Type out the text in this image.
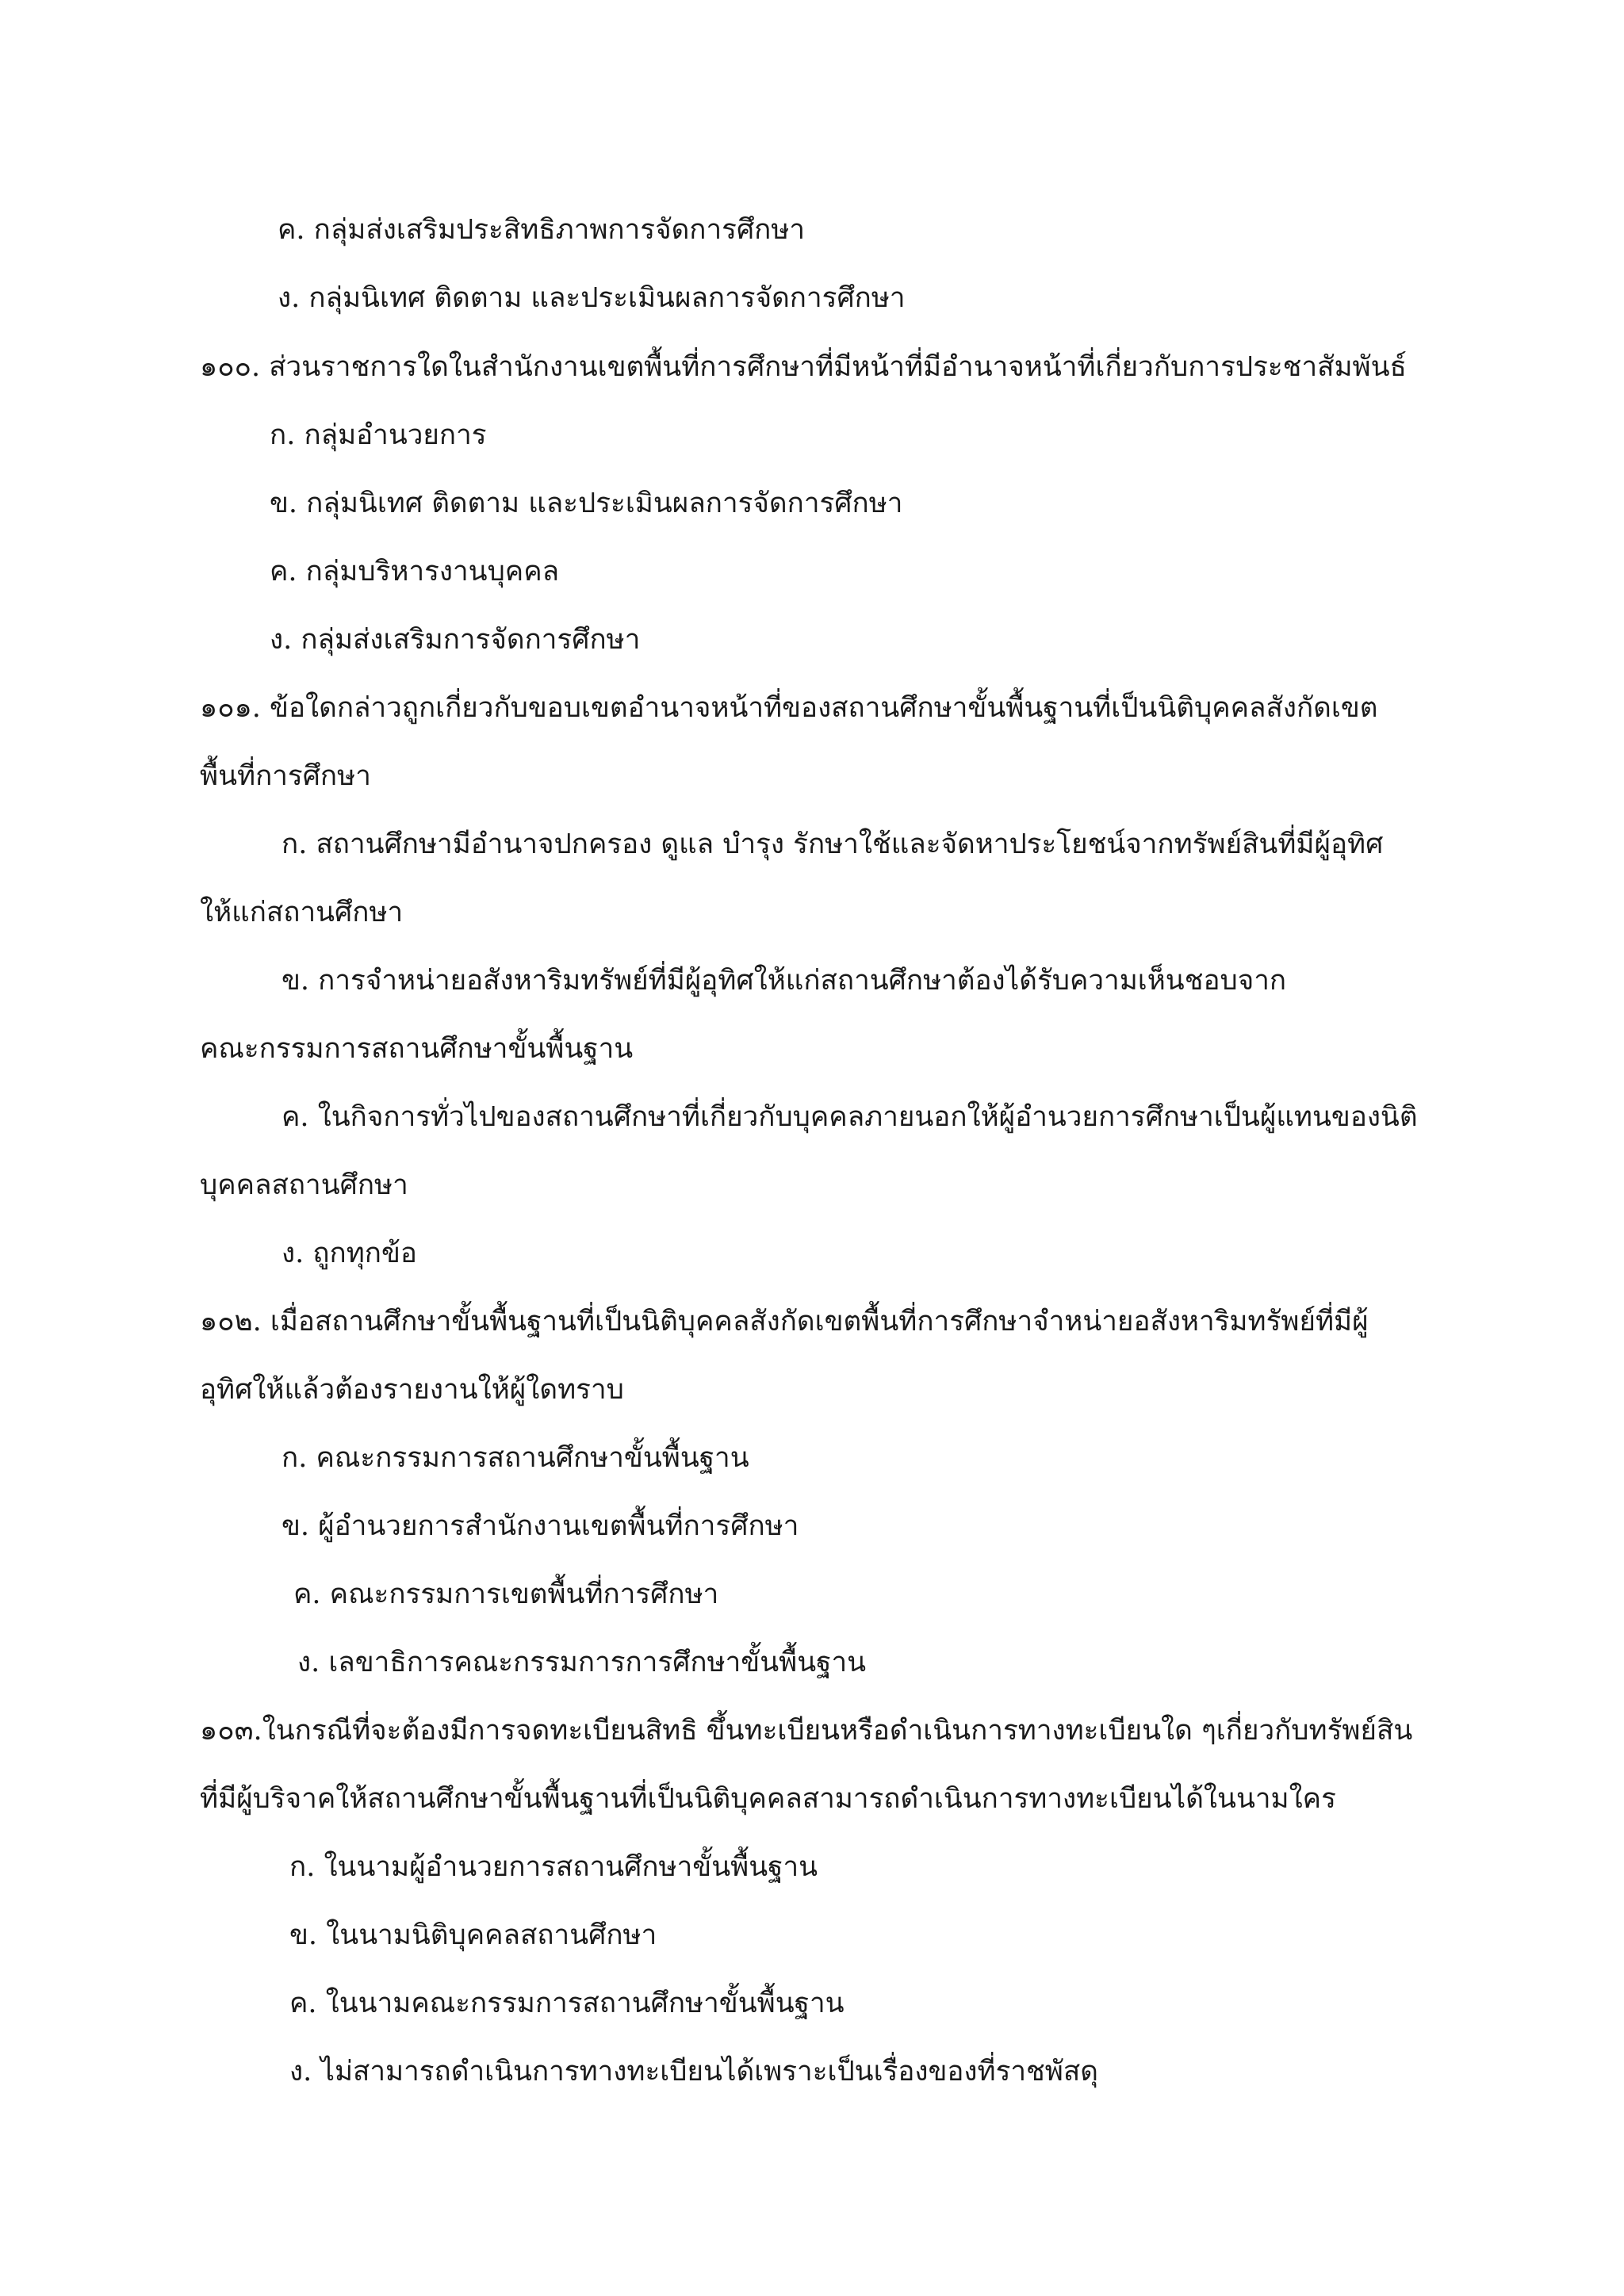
ค. กลุ่มส่งเสริมประสิทธิภาพการจัดการศึกษา
ง. กลุ่มนิเทศ ติดตาม และประเมินผลการจัดการศึกษา
๑๐๐. ส่วนราชการใดในสำนักงานเขตพื้นที่การศึกษาที่มีหน้าที่มีอำนาจหน้าที่เกี่ยวกับการประชาสัมพันธ์
ก. กลุ่มอำนวยการ
ข. กลุ่มนิเทศ ติดตาม และประเมินผลการจัดการศึกษา
ค. กลุ่มบริหารงานบุคคล
ง. กลุ่มส่งเสริมการจัดการศึกษา
๑๐๑. ข้อใดกล่าวถูกเกี่ยวกับขอบเขตอำนาจหน้าที่ของสถานศึกษาขั้นพื้นฐานที่เป็นนิติบุคคลสังกัดเขต
พื้นที่การศึกษา
ก. สถานศึกษามีอำนาจปกครอง ดูแล บำรุง รักษาใช้และจัดหาประโยชน์จากทรัพย์สินที่มีผู้อุทิศ
ให้แก่สถานศึกษา
ข. การจำหน่ายอสังหาริมทรัพย์ที่มีผู้อุทิศให้แก่สถานศึกษาต้องได้รับความเห็นชอบจาก
คณะกรรมการสถานศึกษาขั้นพื้นฐาน
ค. ในกิจการทั่วไปของสถานศึกษาที่เกี่ยวกับบุคคลภายนอกให้ผู้อำนวยการศึกษาเป็นผู้แทนของนิติ
บุคคลสถานศึกษา
ง. ถูกทุกข้อ
๑๐๒. เมื่อสถานศึกษาขั้นพื้นฐานที่เป็นนิติบุคคลสังกัดเขตพื้นที่การศึกษาจำหน่ายอสังหาริมทรัพย์ที่มีผู้
อุทิศให้แล้วต้องรายงานให้ผู้ใดทราบ
ก. คณะกรรมการสถานศึกษาขั้นพื้นฐาน
ข. ผู้อำนวยการสำนักงานเขตพื้นที่การศึกษา
ค. คณะกรรมการเขตพื้นที่การศึกษา
ง. เลขาธิการคณะกรรมการการศึกษาขั้นพื้นฐาน
๑๐๓.ในกรณีที่จะต้องมีการจดทะเบียนสิทธิ ขึ้นทะเบียนหรือดำเนินการทางทะเบียนใด ๆเกี่ยวกับทรัพย์สิน
ที่มีผู้บริจาคให้สถานศึกษาขั้นพื้นฐานที่เป็นนิติบุคคลสามารถดำเนินการทางทะเบียนได้ในนามใคร
ก. ในนามผู้อำนวยการสถานศึกษาขั้นพื้นฐาน
ข. ในนามนิติบุคคลสถานศึกษา
ค. ในนามคณะกรรมการสถานศึกษาขั้นพื้นฐาน
ง. ไม่สามารถดำเนินการทางทะเบียนได้เพราะเป็นเรื่องของที่ราชพัสดุ
